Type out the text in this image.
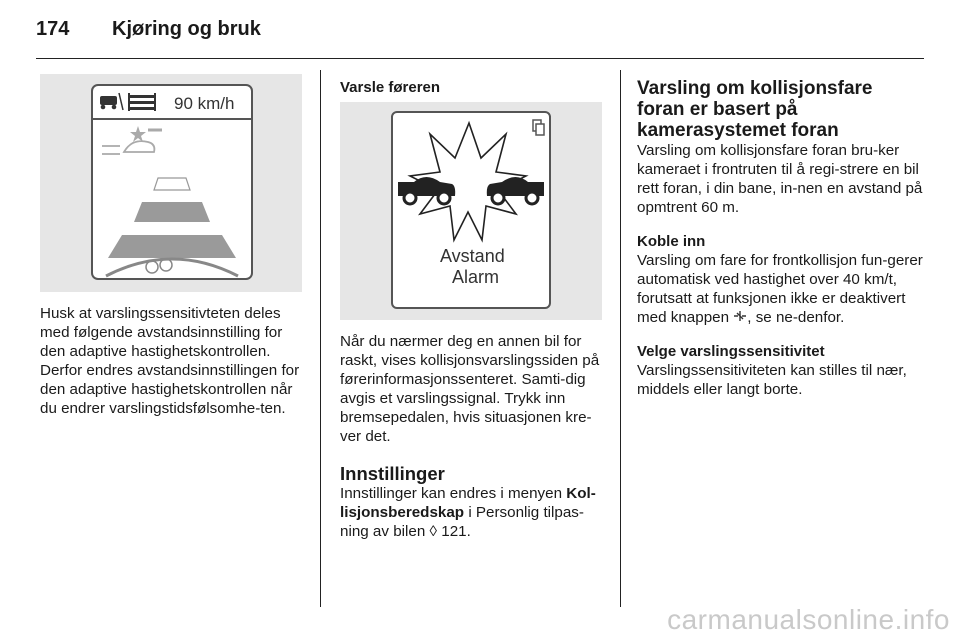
174 Kjøring og bruk
90 km/h

Husk at varslingssensitivteten deles med følgende avstandsinnstilling for den adaptive hastighetskontrollen. Derfor endres avstandsinnstillingen for den adaptive hastighetskontrollen når du endrer varslingstidsfølsomhe-ten.

Varsle føreren

Avstand
Alarm

Når du nærmer deg en annen bil for raskt, vises kollisjonsvarslingssiden på førerinformasjonssenteret. Samti-dig avgis et varslingssignal. Trykk inn bremsepedalen, hvis situasjonen kre-ver det.

Innstillinger

Innstillinger kan endres i menyen Kol-lisjonsberedskap i Personlig tilpas-ning av bilen ◊ 121.

Varsling om kollisjonsfare foran er basert på kamerasystemet foran

Varsling om kollisjonsfare foran bru-ker kameraet i frontruten til å regi-strere en bil rett foran, i din bane, in-nen en avstand på opmtrent 60 m.

Koble inn

Varsling om fare for frontkollisjon fun-gerer automatisk ved hastighet over 40 km/t, forutsatt at funksjonen ikke er deaktivert med knappen , se ne-denfor.

Velge varslingssensitivitet

Varslingssensitiviteten kan stilles til nær, middels eller langt borte.

carmanualsonline.info
